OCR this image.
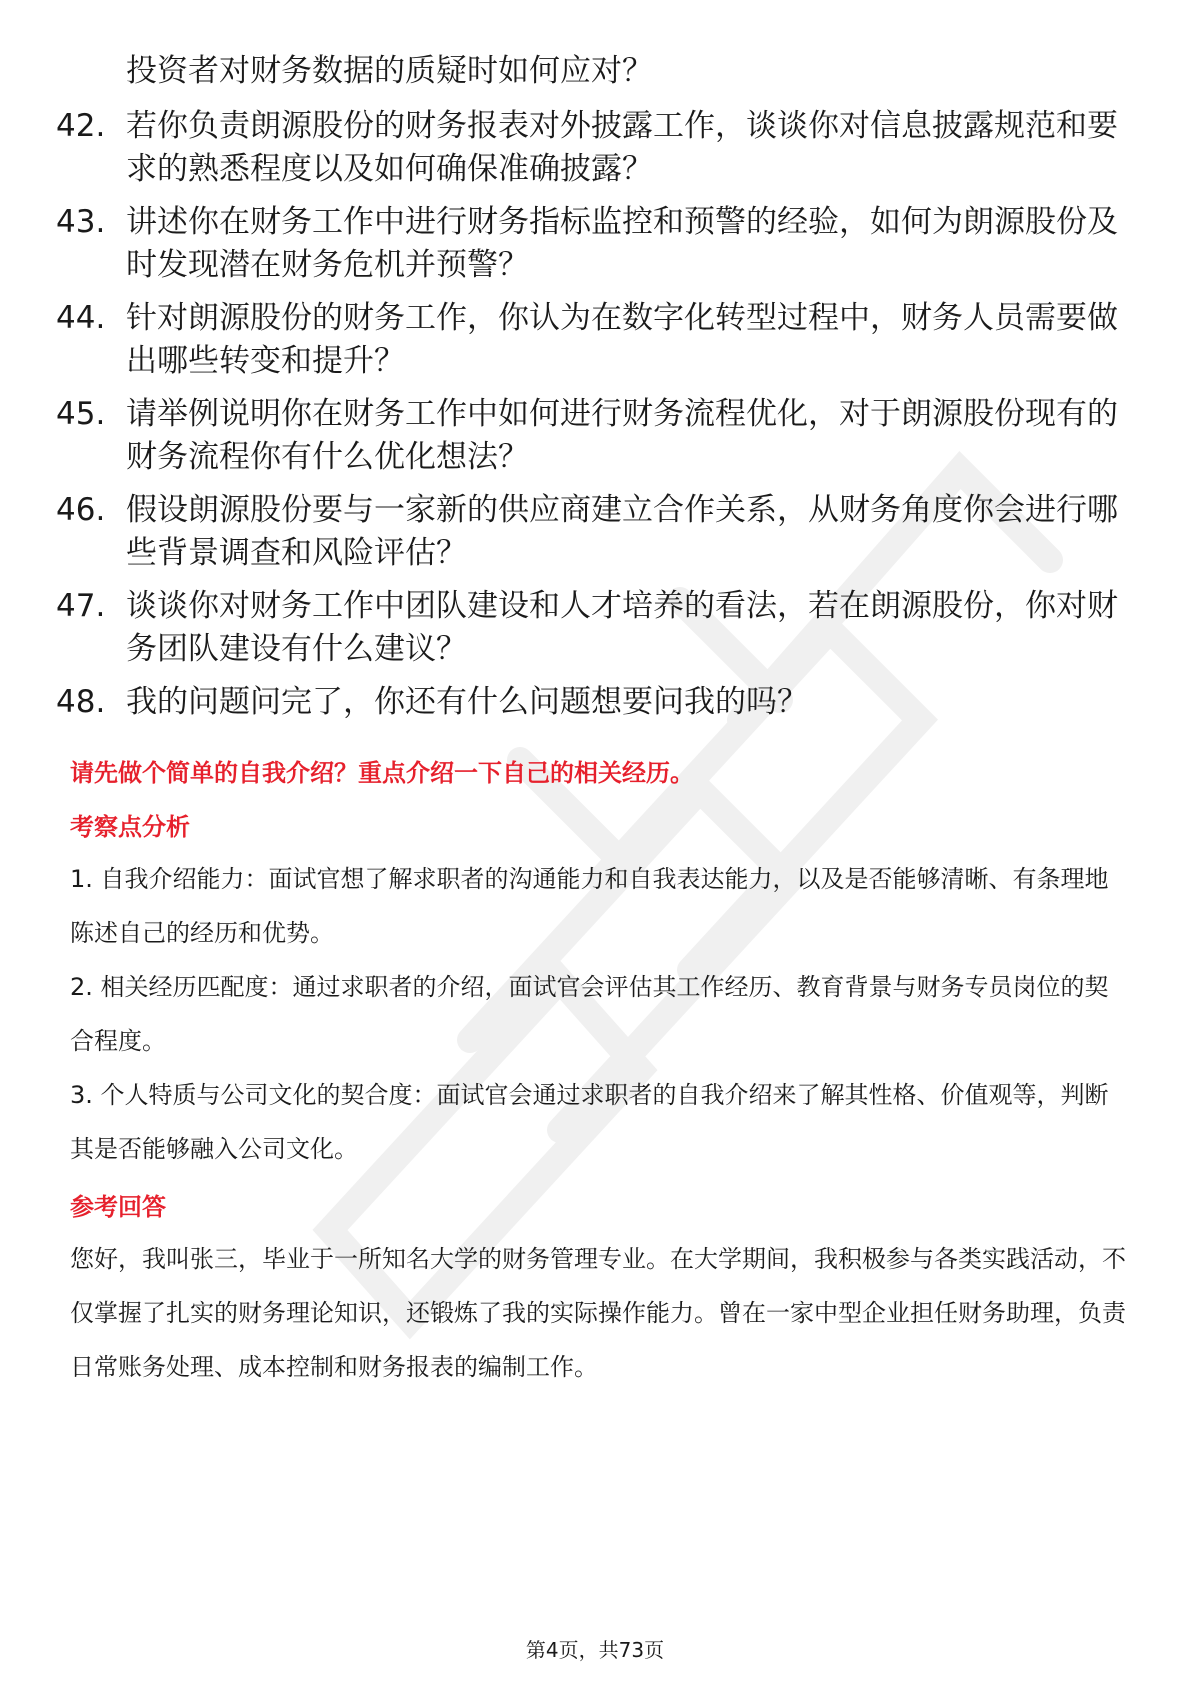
投资者对财务数据的质疑时如何应对？
42. 若你负责朗源股份的财务报表对外披露工作，谈谈你对信息披露规范和要求的熟悉程度以及如何确保准确披露？
43. 讲述你在财务工作中进行财务指标监控和预警的经验，如何为朗源股份及时发现潜在财务危机并预警？
44. 针对朗源股份的财务工作，你认为在数字化转型过程中，财务人员需要做出哪些转变和提升？
45. 请举例说明你在财务工作中如何进行财务流程优化，对于朗源股份现有的财务流程你有什么优化想法？
46. 假设朗源股份要与一家新的供应商建立合作关系，从财务角度你会进行哪些背景调查和风险评估？
47. 谈谈你对财务工作中团队建设和人才培养的看法，若在朗源股份，你对财务团队建设有什么建议？
48. 我的问题问完了，你还有什么问题想要问我的吗？
请先做个简单的自我介绍？重点介绍一下自己的相关经历。
考察点分析

1. 自我介绍能力：面试官想了解求职者的沟通能力和自我表达能力，以及是否能够清晰、有条理地陈述自己的经历和优势。

2. 相关经历匹配度：通过求职者的介绍，面试官会评估其工作经历、教育背景与财务专员岗位的契合程度。

3. 个人特质与公司文化的契合度：面试官会通过求职者的自我介绍来了解其性格、价值观等，判断其是否能够融入公司文化。

参考回答

您好，我叫张三，毕业于一所知名大学的财务管理专业。在大学期间，我积极参与各类实践活动，不仅掌握了扎实的财务理论知识，还锻炼了我的实际操作能力。曾在一家中型企业担任财务助理，负责日常账务处理、成本控制和财务报表的编制工作。

第4页，共73页
